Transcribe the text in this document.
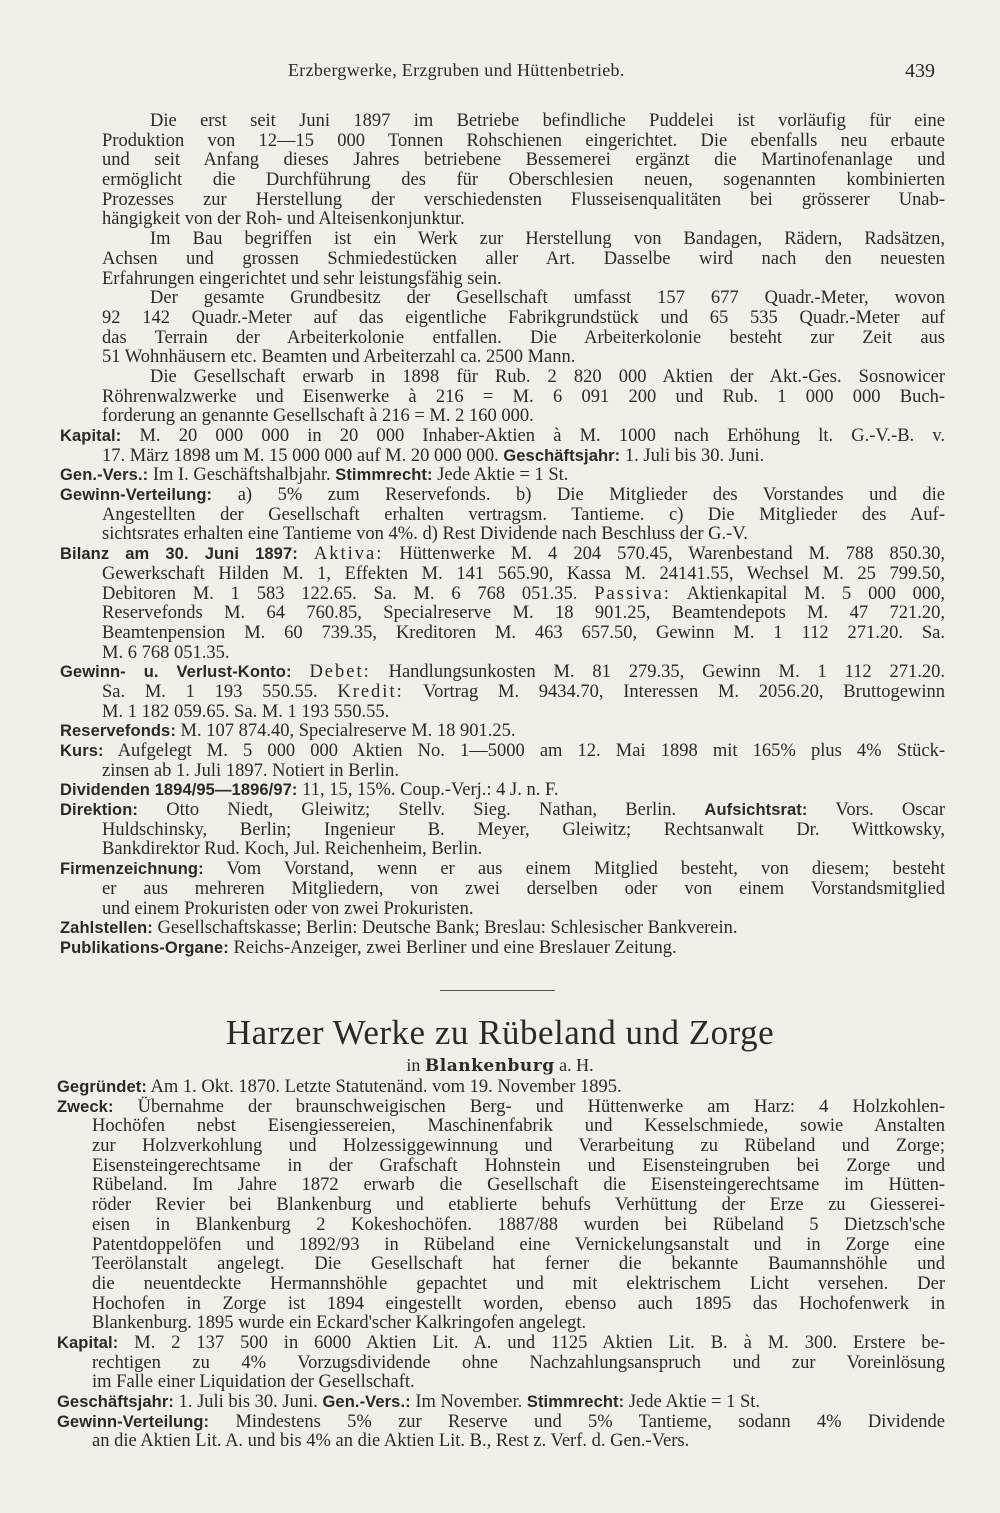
Erzbergwerke, Erzgruben und Hüttenbetrieb.	439
Die erst seit Juni 1897 im Betriebe befindliche Puddelei ist vorläufig für eine
Produktion von 12—15 000 Tonnen Rohschienen eingerichtet. Die ebenfalls neu erbaute
und seit Anfang dieses Jahres betriebene Bessemerei ergänzt die Martinofenanlage und
ermöglicht die Durchführung des für Oberschlesien neuen, sogenannten kombinierten
Prozesses zur Herstellung der verschiedensten Flusseisenqualitäten bei grösserer Unab-
hängigkeit von der Roh- und Alteisenkonjunktur.
Im Bau begriffen ist ein Werk zur Herstellung von Bandagen, Rädern, Radsätzen,
Achsen und grossen Schmiedestücken aller Art. Dasselbe wird nach den neuesten
Erfahrungen eingerichtet und sehr leistungsfähig sein.
Der gesamte Grundbesitz der Gesellschaft umfasst 157 677 Quadr.-Meter, wovon
92 142 Quadr.-Meter auf das eigentliche Fabrikgrundstück und 65 535 Quadr.-Meter auf
das Terrain der Arbeiterkolonie entfallen. Die Arbeiterkolonie besteht zur Zeit aus
51 Wohnhäusern etc. Beamten und Arbeiterzahl ca. 2500 Mann.
Die Gesellschaft erwarb in 1898 für Rub. 2 820 000 Aktien der Akt.-Ges. Sosnowicer
Röhrenwalzwerke und Eisenwerke à 216 = M. 6 091 200 und Rub. 1 000 000 Buch-
forderung an genannte Gesellschaft à 216 = M. 2 160 000.
Kapital: M. 20 000 000 in 20 000 Inhaber-Aktien à M. 1000 nach Erhöhung lt. G.-V.-B. v.
17. März 1898 um M. 15 000 000 auf M. 20 000 000. Geschäftsjahr: 1. Juli bis 30. Juni.
Gen.-Vers.: Im I. Geschäftshalbjahr. Stimmrecht: Jede Aktie = 1 St.
Gewinn-Verteilung: a) 5% zum Reservefonds. b) Die Mitglieder des Vorstandes und die
Angestellten der Gesellschaft erhalten vertragsm. Tantieme. c) Die Mitglieder des Auf-
sichtsrates erhalten eine Tantieme von 4%. d) Rest Dividende nach Beschluss der G.-V.
Bilanz am 30. Juni 1897: Aktiva: Hüttenwerke M. 4 204 570.45, Warenbestand M. 788 850.30,
Gewerkschaft Hilden M. 1, Effekten M. 141 565.90, Kassa M. 24141.55, Wechsel M. 25 799.50,
Debitoren M. 1 583 122.65. Sa. M. 6 768 051.35. Passiva: Aktienkapital M. 5 000 000,
Reservefonds M. 64 760.85, Specialreserve M. 18 901.25, Beamtendepots M. 47 721.20,
Beamtenpension M. 60 739.35, Kreditoren M. 463 657.50, Gewinn M. 1 112 271.20. Sa.
M. 6 768 051.35.
Gewinn- u. Verlust-Konto: Debet: Handlungsunkosten M. 81 279.35, Gewinn M. 1 112 271.20.
Sa. M. 1 193 550.55. Kredit: Vortrag M. 9434.70, Interessen M. 2056.20, Bruttogewinn
M. 1 182 059.65. Sa. M. 1 193 550.55.
Reservefonds: M. 107 874.40, Specialreserve M. 18 901.25.
Kurs: Aufgelegt M. 5 000 000 Aktien No. 1—5000 am 12. Mai 1898 mit 165% plus 4% Stück-
zinsen ab 1. Juli 1897. Notiert in Berlin.
Dividenden 1894/95—1896/97: 11, 15, 15%. Coup.-Verj.: 4 J. n. F.
Direktion: Otto Niedt, Gleiwitz; Stellv. Sieg. Nathan, Berlin. Aufsichtsrat: Vors. Oscar
Huldschinsky, Berlin; Ingenieur B. Meyer, Gleiwitz; Rechtsanwalt Dr. Wittkowsky,
Bankdirektor Rud. Koch, Jul. Reichenheim, Berlin.
Firmenzeichnung: Vom Vorstand, wenn er aus einem Mitglied besteht, von diesem; besteht
er aus mehreren Mitgliedern, von zwei derselben oder von einem Vorstandsmitglied
und einem Prokuristen oder von zwei Prokuristen.
Zahlstellen: Gesellschaftskasse; Berlin: Deutsche Bank; Breslau: Schlesischer Bankverein.
Publikations-Organe: Reichs-Anzeiger, zwei Berliner und eine Breslauer Zeitung.
Harzer Werke zu Rübeland und Zorge
in Blankenburg a. H.
Gegründet: Am 1. Okt. 1870. Letzte Statutenänd. vom 19. November 1895.
Zweck: Übernahme der braunschweigischen Berg- und Hüttenwerke am Harz: 4 Holzkohlen-
Hochöfen nebst Eisengiessereien, Maschinenfabrik und Kesselschmiede, sowie Anstalten
zur Holzverkohlung und Holzessiggewinnung und Verarbeitung zu Rübeland und Zorge;
Eisensteingerechtsame in der Grafschaft Hohnstein und Eisensteingruben bei Zorge und
Rübeland. Im Jahre 1872 erwarb die Gesellschaft die Eisensteingerechtsame im Hütten-
röder Revier bei Blankenburg und etablierte behufs Verhüttung der Erze zu Giesserei-
eisen in Blankenburg 2 Kokeshochöfen. 1887/88 wurden bei Rübeland 5 Dietzsch'sche
Patentdoppelöfen und 1892/93 in Rübeland eine Vernickelungsanstalt und in Zorge eine
Teerölanstalt angelegt. Die Gesellschaft hat ferner die bekannte Baumannshöhle und
die neuentdeckte Hermannshöhle gepachtet und mit elektrischem Licht versehen. Der
Hochofen in Zorge ist 1894 eingestellt worden, ebenso auch 1895 das Hochofenwerk in
Blankenburg. 1895 wurde ein Eckard'scher Kalkringofen angelegt.
Kapital: M. 2 137 500 in 6000 Aktien Lit. A. und 1125 Aktien Lit. B. à M. 300. Erstere be-
rechtigen zu 4% Vorzugsdividende ohne Nachzahlungsanspruch und zur Voreinlösung
im Falle einer Liquidation der Gesellschaft.
Geschäftsjahr: 1. Juli bis 30. Juni. Gen.-Vers.: Im November. Stimmrecht: Jede Aktie = 1 St.
Gewinn-Verteilung: Mindestens 5% zur Reserve und 5% Tantieme, sodann 4% Dividende
an die Aktien Lit. A. und bis 4% an die Aktien Lit. B., Rest z. Verf. d. Gen.-Vers.
